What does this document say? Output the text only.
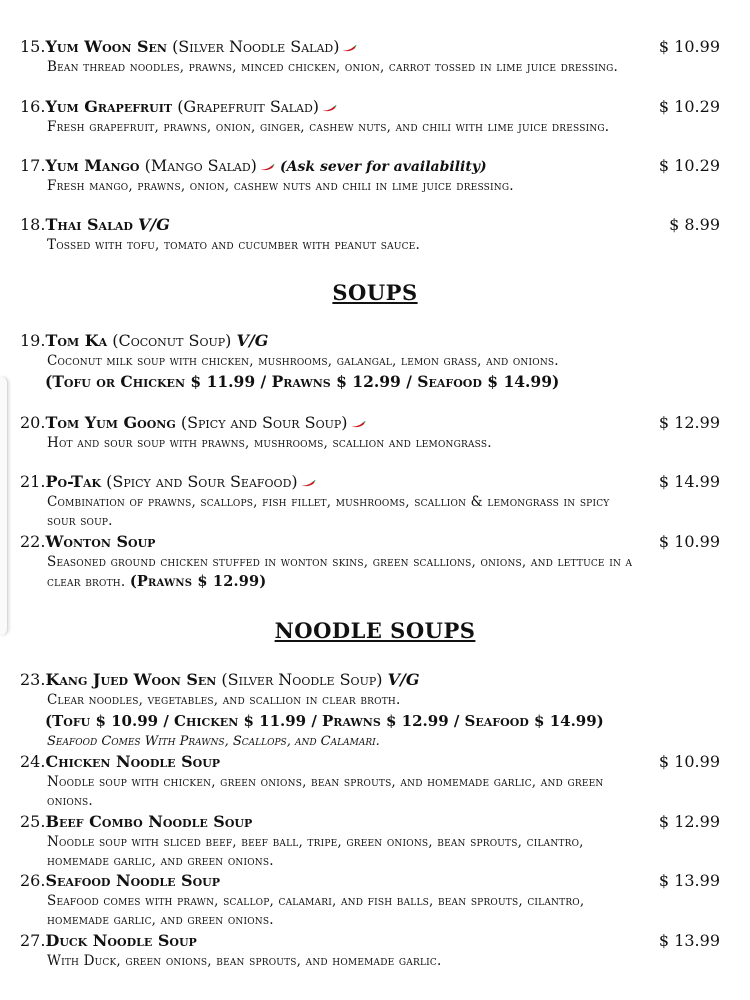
15.Yum Woon Sen (Silver Noodle Salad)	$ 10.99
Bean thread noodles, prawns, minced chicken, onion, carrot tossed in lime juice dressing.
16.Yum Grapefruit (Grapefruit Salad)	$ 10.29
Fresh grapefruit, prawns, onion, ginger, cashew nuts, and chili with lime juice dressing.
17.Yum Mango (Mango Salad) (Ask sever for availability)	$ 10.29
Fresh mango, prawns, onion, cashew nuts and chili in lime juice dressing.
18.Thai Salad V/G	$ 8.99
Tossed with tofu, tomato and cucumber with peanut sauce.
SOUPS
19.Tom Ka (Coconut Soup) V/G
Coconut milk soup with chicken, mushrooms, galangal, lemon grass, and onions.
(Tofu or Chicken $ 11.99 / Prawns $ 12.99 / Seafood $ 14.99)
20.Tom Yum Goong (Spicy and Sour Soup)	$ 12.99
Hot and sour soup with prawns, mushrooms, scallion and lemongrass.
21.Po-Tak (Spicy and Sour Seafood)	$ 14.99
Combination of prawns, scallops, fish fillet, mushrooms, scallion & lemongrass in spicy sour soup.
22.Wonton Soup	$ 10.99
Seasoned ground chicken stuffed in wonton skins, green scallions, onions, and lettuce in a clear broth. (Prawns $ 12.99)
NOODLE SOUPS
23.Kang Jued Woon Sen (Silver Noodle Soup) V/G
Clear noodles, vegetables, and scallion in clear broth.
(Tofu $ 10.99 / Chicken $ 11.99 / Prawns $ 12.99 / Seafood $ 14.99)
Seafood Comes With Prawns, Scallops, and Calamari.
24.Chicken Noodle Soup	$ 10.99
Noodle soup with chicken, green onions, bean sprouts, and homemade garlic, and green onions.
25.Beef Combo Noodle Soup	$ 12.99
Noodle soup with sliced beef, beef ball, tripe, green onions, bean sprouts, cilantro, homemade garlic, and green onions.
26.Seafood Noodle Soup	$ 13.99
Seafood comes with prawn, scallop, calamari, and fish balls, bean sprouts, cilantro, homemade garlic, and green onions.
27.Duck Noodle Soup	$ 13.99
With Duck, green onions, bean sprouts, and homemade garlic.
